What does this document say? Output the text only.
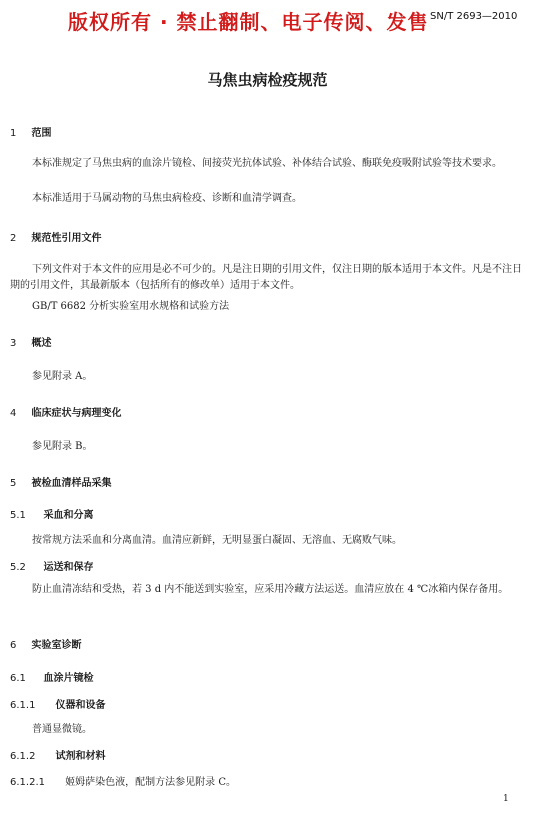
版权所有 · 禁止翻制、电子传阅、发售 SN/T 2693—2010
马焦虫病检疫规范
1 范围
本标准规定了马焦虫病的血涂片镜检、间接荧光抗体试验、补体结合试验、酶联免疫吸附试验等技术要求。
本标准适用于马属动物的马焦虫病检疫、诊断和血清学调查。
2 规范性引用文件
下列文件对于本文件的应用是必不可少的。凡是注日期的引用文件，仅注日期的版本适用于本文件。凡是不注日期的引用文件，其最新版本（包括所有的修改单）适用于本文件。
GB/T 6682 分析实验室用水规格和试验方法
3 概述
参见附录 A。
4 临床症状与病理变化
参见附录 B。
5 被检血清样品采集
5.1 采血和分离
按常规方法采血和分离血清。血清应新鲜，无明显蛋白凝固、无溶血、无腐败气味。
5.2 运送和保存
防止血清冻结和受热，若 3 d 内不能送到实验室，应采用冷藏方法运送。血清应放在 4 ℃冰箱内保存备用。
6 实验室诊断
6.1 血涂片镜检
6.1.1 仪器和设备
普通显微镜。
6.1.2 试剂和材料
6.1.2.1 姬姆萨染色液，配制方法参见附录 C。
1
